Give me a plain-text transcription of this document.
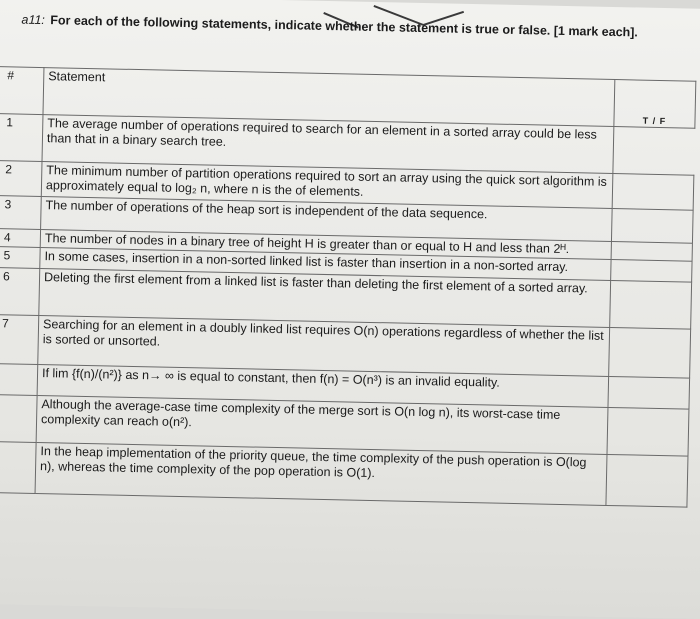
a11: For each of the following statements, indicate whether the statement is true or false. [1 mark each].
#	Statement	T / F

1	The average number of operations required to search for an element in a sorted array could be less than that in a binary search tree.	
2	The minimum number of partition operations required to sort an array using the quick sort algorithm is approximately equal to log₂ n, where n is the of elements.	
3	The number of operations of the heap sort is independent of the data sequence.	
4	The number of nodes in a binary tree of height H is greater than or equal to H and less than 2ᴴ.	
5	In some cases, insertion in a non-sorted linked list is faster than insertion in a non-sorted array.	
6	Deleting the first element from a linked list is faster than deleting the first element of a sorted array.	
7	Searching for an element in a doubly linked list requires O(n) operations regardless of whether the list is sorted or unsorted.	
	If lim {f(n)/(n²)} as n→ ∞ is equal to constant, then f(n) = O(n³) is an invalid equality.	
	Although the average-case time complexity of the merge sort is O(n log n), its worst-case time complexity can reach o(n²).	
	In the heap implementation of the priority queue, the time complexity of the push operation is O(log n), whereas the time complexity of the pop operation is O(1).	
